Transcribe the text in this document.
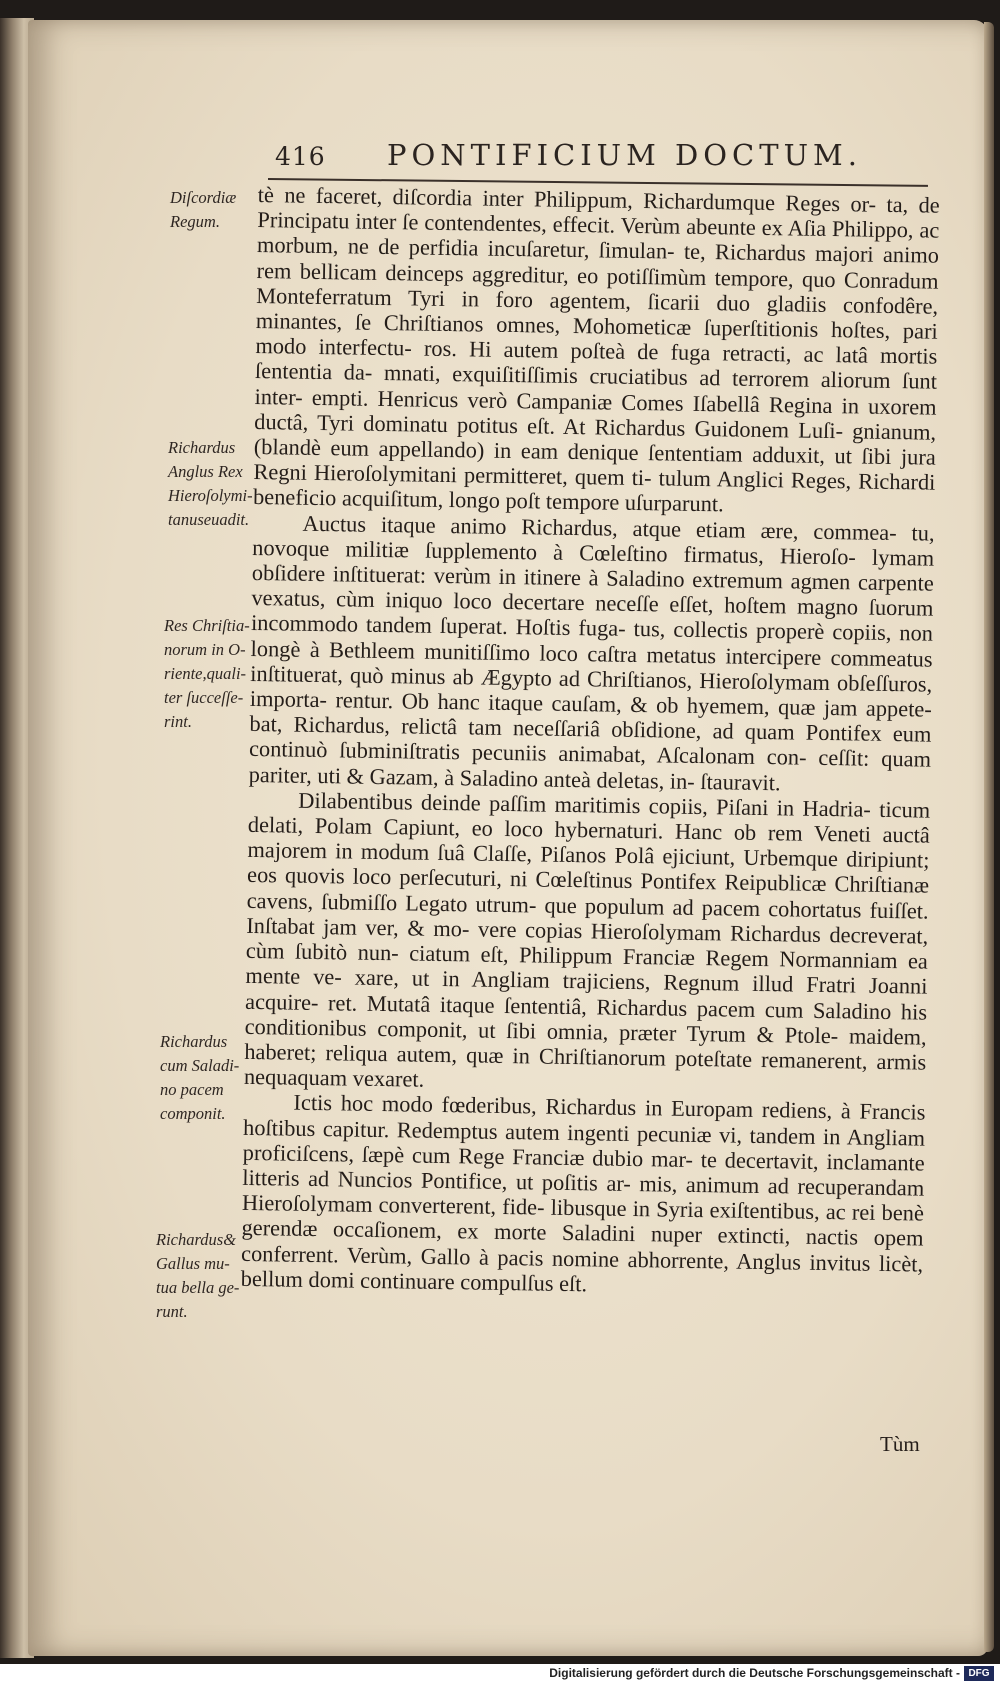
416 PONTIFICIUM DOCTUM.
Diſcordiæ
Regum.
Richardus
Anglus Rex
Hieroſolymi-
tanuseuadit.
Res Chriſtia-
norum in O-
riente,quali-
ter ſucceſſe-
rint.
Richardus
cum Saladi-
no pacem
componit.
Richardus&
Gallus mu-
tua bella ge-
runt.

tè ne faceret, diſcordia inter Philippum, Richardumque Reges or- ta, de Principatu inter ſe contendentes, effecit. Verùm abeunte ex Aſia Philippo, ac morbum, ne de perfidia incuſaretur, ſimulan- te, Richardus majori animo rem bellicam deinceps aggreditur, eo potiſſimùm tempore, quo Conradum Monteferratum Tyri in foro agentem, ſicarii duo gladiis confodêre, minantes, ſe Chriſtianos omnes, Mohometicæ ſuperſtitionis hoſtes, pari modo interfectu- ros. Hi autem poſteà de fuga retracti, ac latâ mortis ſententia da- mnati, exquiſitiſſimis cruciatibus ad terrorem aliorum ſunt inter- empti. Henricus verò Campaniæ Comes Iſabellâ Regina in uxorem ductâ, Tyri dominatu potitus eſt. At Richardus Guidonem Luſi- gnianum, (blandè eum appellando) in eam denique ſententiam adduxit, ut ſibi jura Regni Hieroſolymitani permitteret, quem ti- tulum Anglici Reges, Richardi beneficio acquiſitum, longo poſt tempore uſurparunt.

Auctus itaque animo Richardus, atque etiam ære, commea- tu, novoque militiæ ſupplemento à Cœleſtino firmatus, Hieroſo- lymam obſidere inſtituerat: verùm in itinere à Saladino extremum agmen carpente vexatus, cùm iniquo loco decertare neceſſe eſſet, hoſtem magno ſuorum incommodo tandem ſuperat. Hoſtis fuga- tus, collectis properè copiis, non longè à Bethleem munitiſſimo loco caſtra metatus intercipere commeatus inſtituerat, quò minus ab Ægypto ad Chriſtianos, Hieroſolymam obſeſſuros, importa- rentur. Ob hanc itaque cauſam, & ob hyemem, quæ jam appete- bat, Richardus, relictâ tam neceſſariâ obſidione, ad quam Pontifex eum continuò ſubminiſtratis pecuniis animabat, Aſcalonam con- ceſſit: quam pariter, uti & Gazam, à Saladino anteà deletas, in- ſtauravit.

Dilabentibus deinde paſſim maritimis copiis, Piſani in Hadria- ticum delati, Polam Capiunt, eo loco hybernaturi. Hanc ob rem Veneti auctâ majorem in modum ſuâ Claſſe, Piſanos Polâ ejiciunt, Urbemque diripiunt; eos quovis loco perſecuturi, ni Cœleſtinus Pontifex Reipublicæ Chriſtianæ cavens, ſubmiſſo Legato utrum- que populum ad pacem cohortatus fuiſſet. Inſtabat jam ver, & mo- vere copias Hieroſolymam Richardus decreverat, cùm ſubitò nun- ciatum eſt, Philippum Franciæ Regem Normanniam ea mente ve- xare, ut in Angliam trajiciens, Regnum illud Fratri Joanni acquire- ret. Mutatâ itaque ſententiâ, Richardus pacem cum Saladino his conditionibus componit, ut ſibi omnia, præter Tyrum & Ptole- maidem, haberet; reliqua autem, quæ in Chriſtianorum poteſtate remanerent, armis nequaquam vexaret.

Ictis hoc modo fœderibus, Richardus in Europam rediens, à Francis hoſtibus capitur. Redemptus autem ingenti pecuniæ vi, tandem in Angliam proficiſcens, ſæpè cum Rege Franciæ dubio mar- te decertavit, inclamante litteris ad Nuncios Pontifice, ut poſitis ar- mis, animum ad recuperandam Hieroſolymam converterent, fide- libusque in Syria exiſtentibus, ac rei benè gerendæ occaſionem, ex morte Saladini nuper extincti, nactis opem conferrent. Verùm, Gallo à pacis nomine abhorrente, Anglus invitus licèt, bellum domi continuare compulſus eſt.

Tùm
Digitalisierung gefördert durch die Deutsche Forschungsgemeinschaft - DFG
